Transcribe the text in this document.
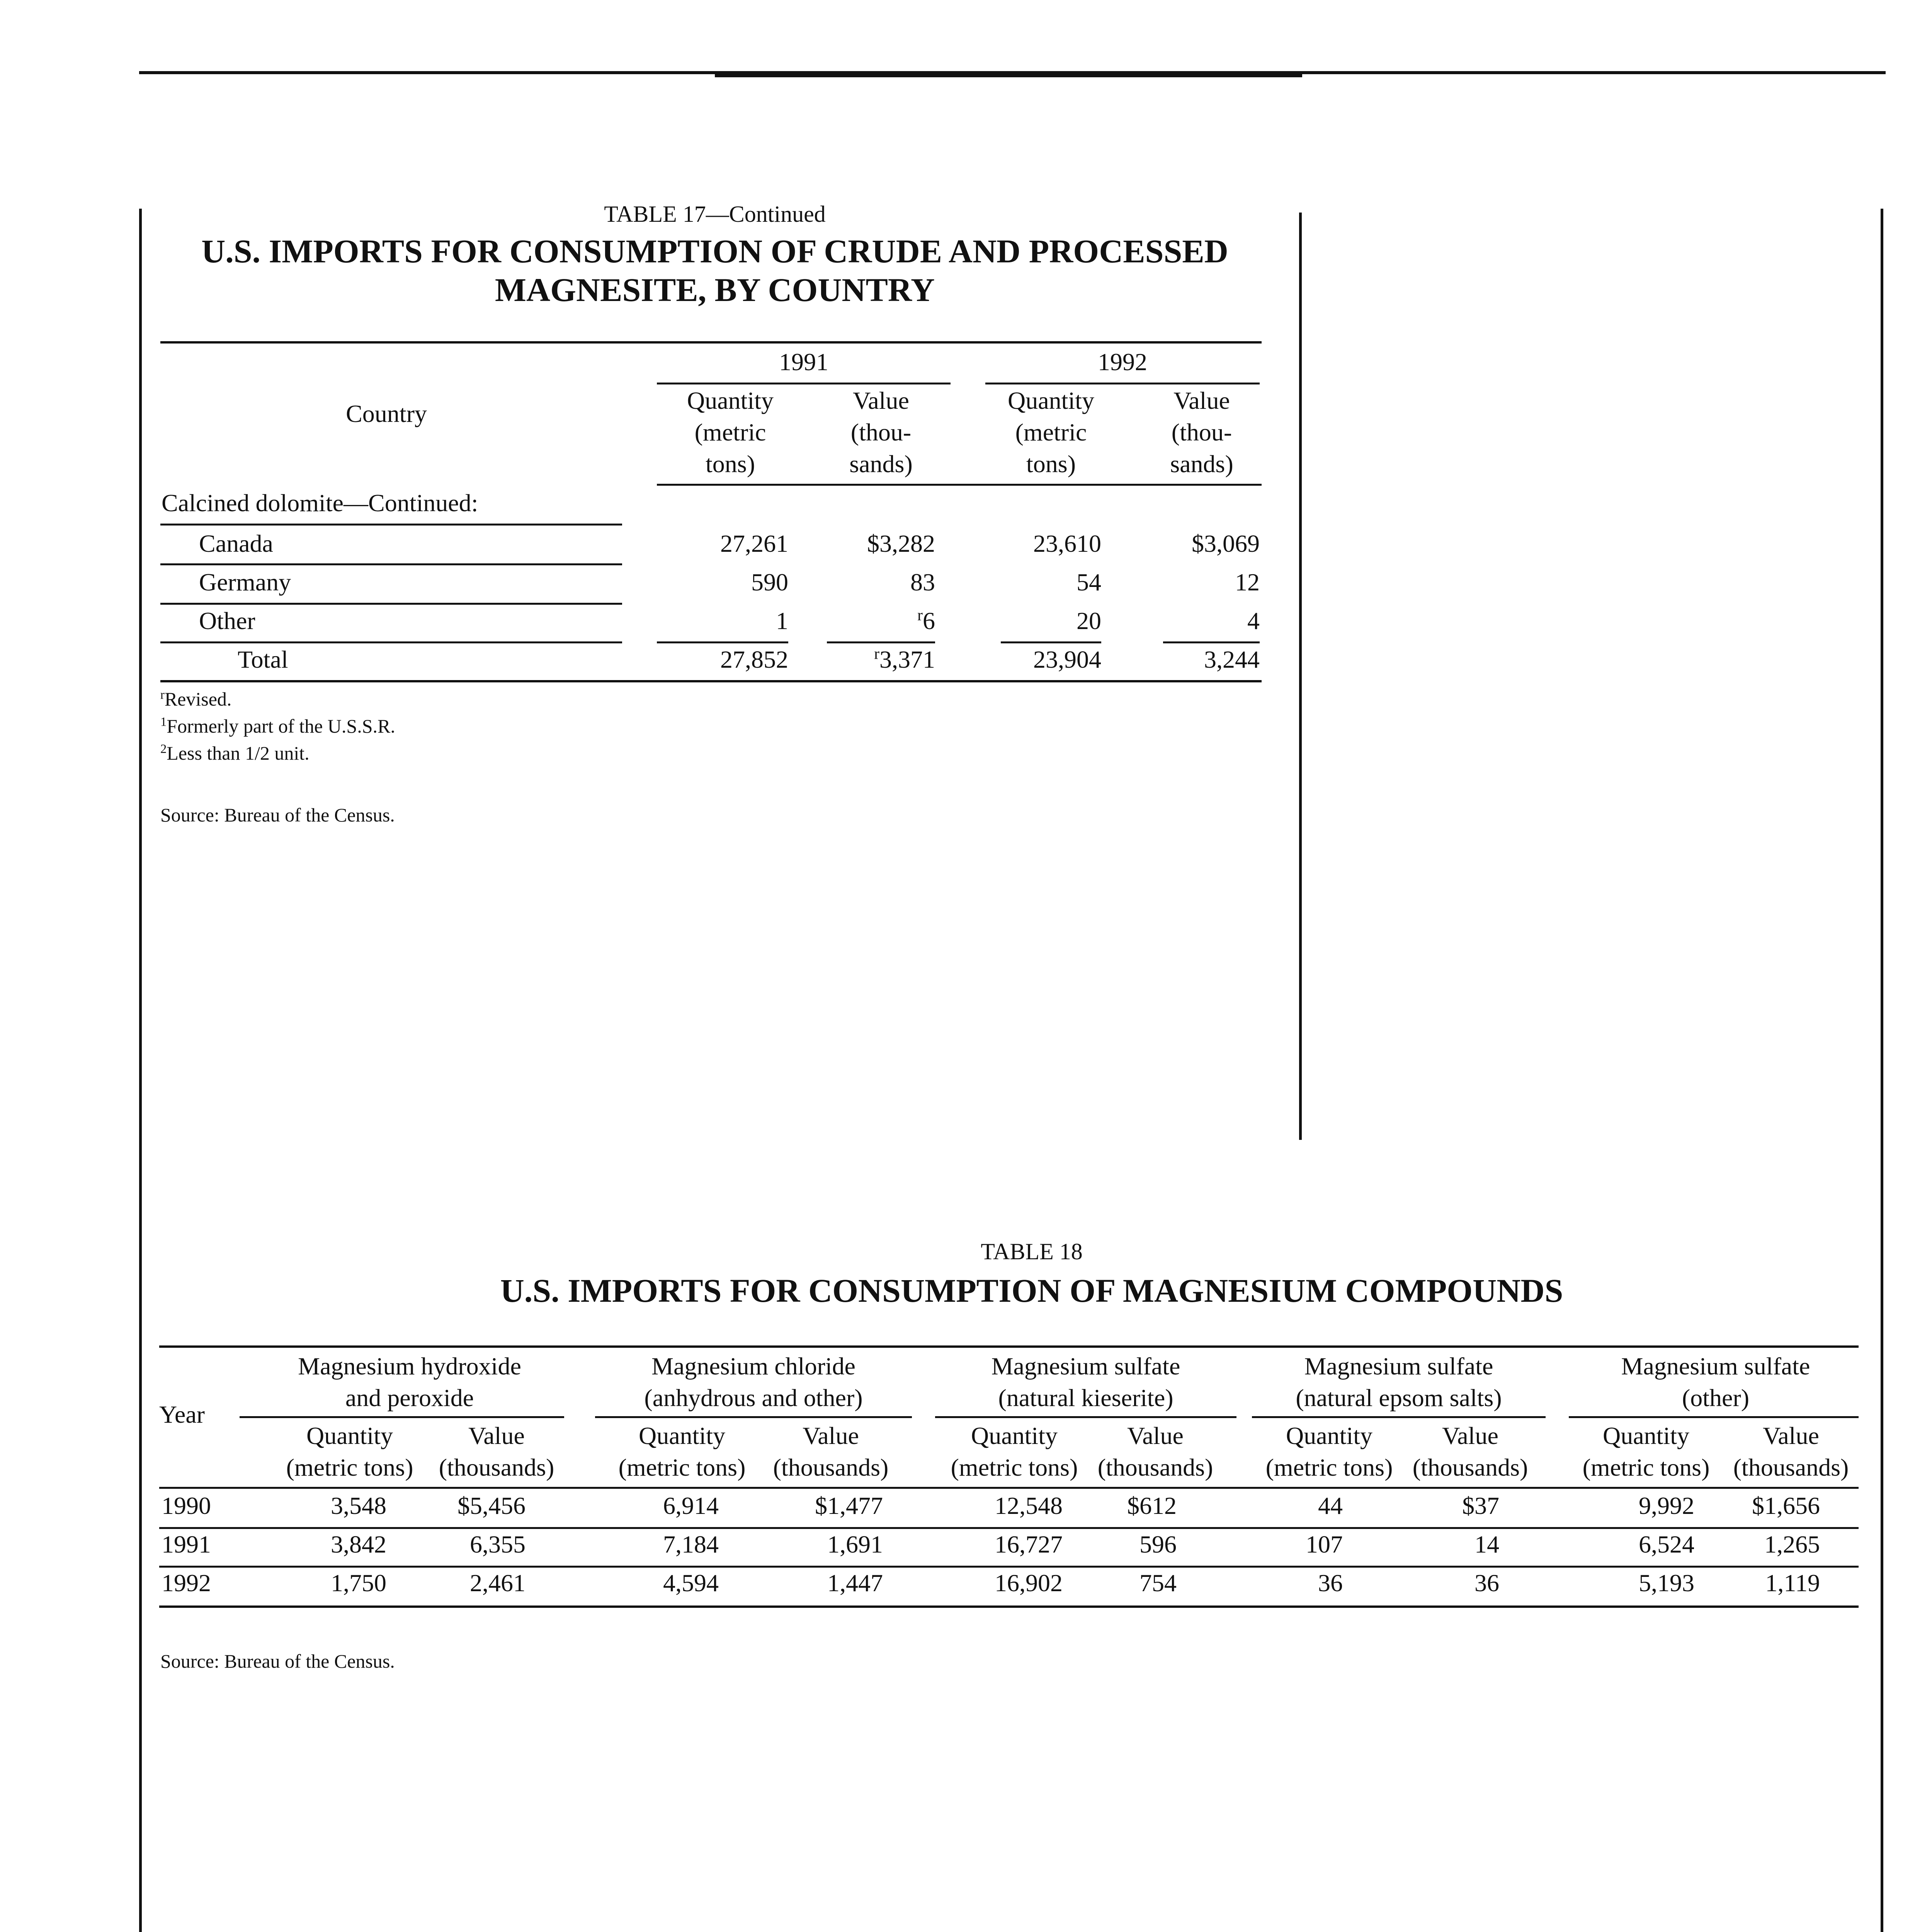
TABLE 17—Continued
U.S. IMPORTS FOR CONSUMPTION OF CRUDE AND PROCESSED
MAGNESITE, BY COUNTRY
Country
1991	1992
Quantity
(metric
tons)
Value
(thou-
sands)
Quantity
(metric
tons)
Value
(thou-
sands)
Calcined dolomite—Continued:
Canada	27,261	$3,282	23,610	$3,069
Germany	590	83	54	12
Other	1	$^r$6	20	4
Total	27,852	$^r$3,371	23,904	3,244
$^r$Revised.
$^1$Formerly part of the U.S.S.R.
$^2$Less than 1/2 unit.
Source: Bureau of the Census.
TABLE 18
U.S. IMPORTS FOR CONSUMPTION OF MAGNESIUM COMPOUNDS
Year
Magnesium hydroxide
and peroxide
Magnesium chloride
(anhydrous and other)
Magnesium sulfate
(natural kieserite)
Magnesium sulfate
(natural epsom salts)
Magnesium sulfate
(other)
Quantity
(metric tons)
Value
(thousands)
Quantity
(metric tons)
Value
(thousands)
Quantity
(metric tons)
Value
(thousands)
Quantity
(metric tons)
Value
(thousands)
Quantity
(metric tons)
Value
(thousands)
1990	3,548	$5,456	6,914	$1,477	12,548	$612	44	$37	9,992	$1,656
1991	3,842	6,355	7,184	1,691	16,727	596	107	14	6,524	1,265
1992	1,750	2,461	4,594	1,447	16,902	754	36	36	5,193	1,119
Source: Bureau of the Census.
